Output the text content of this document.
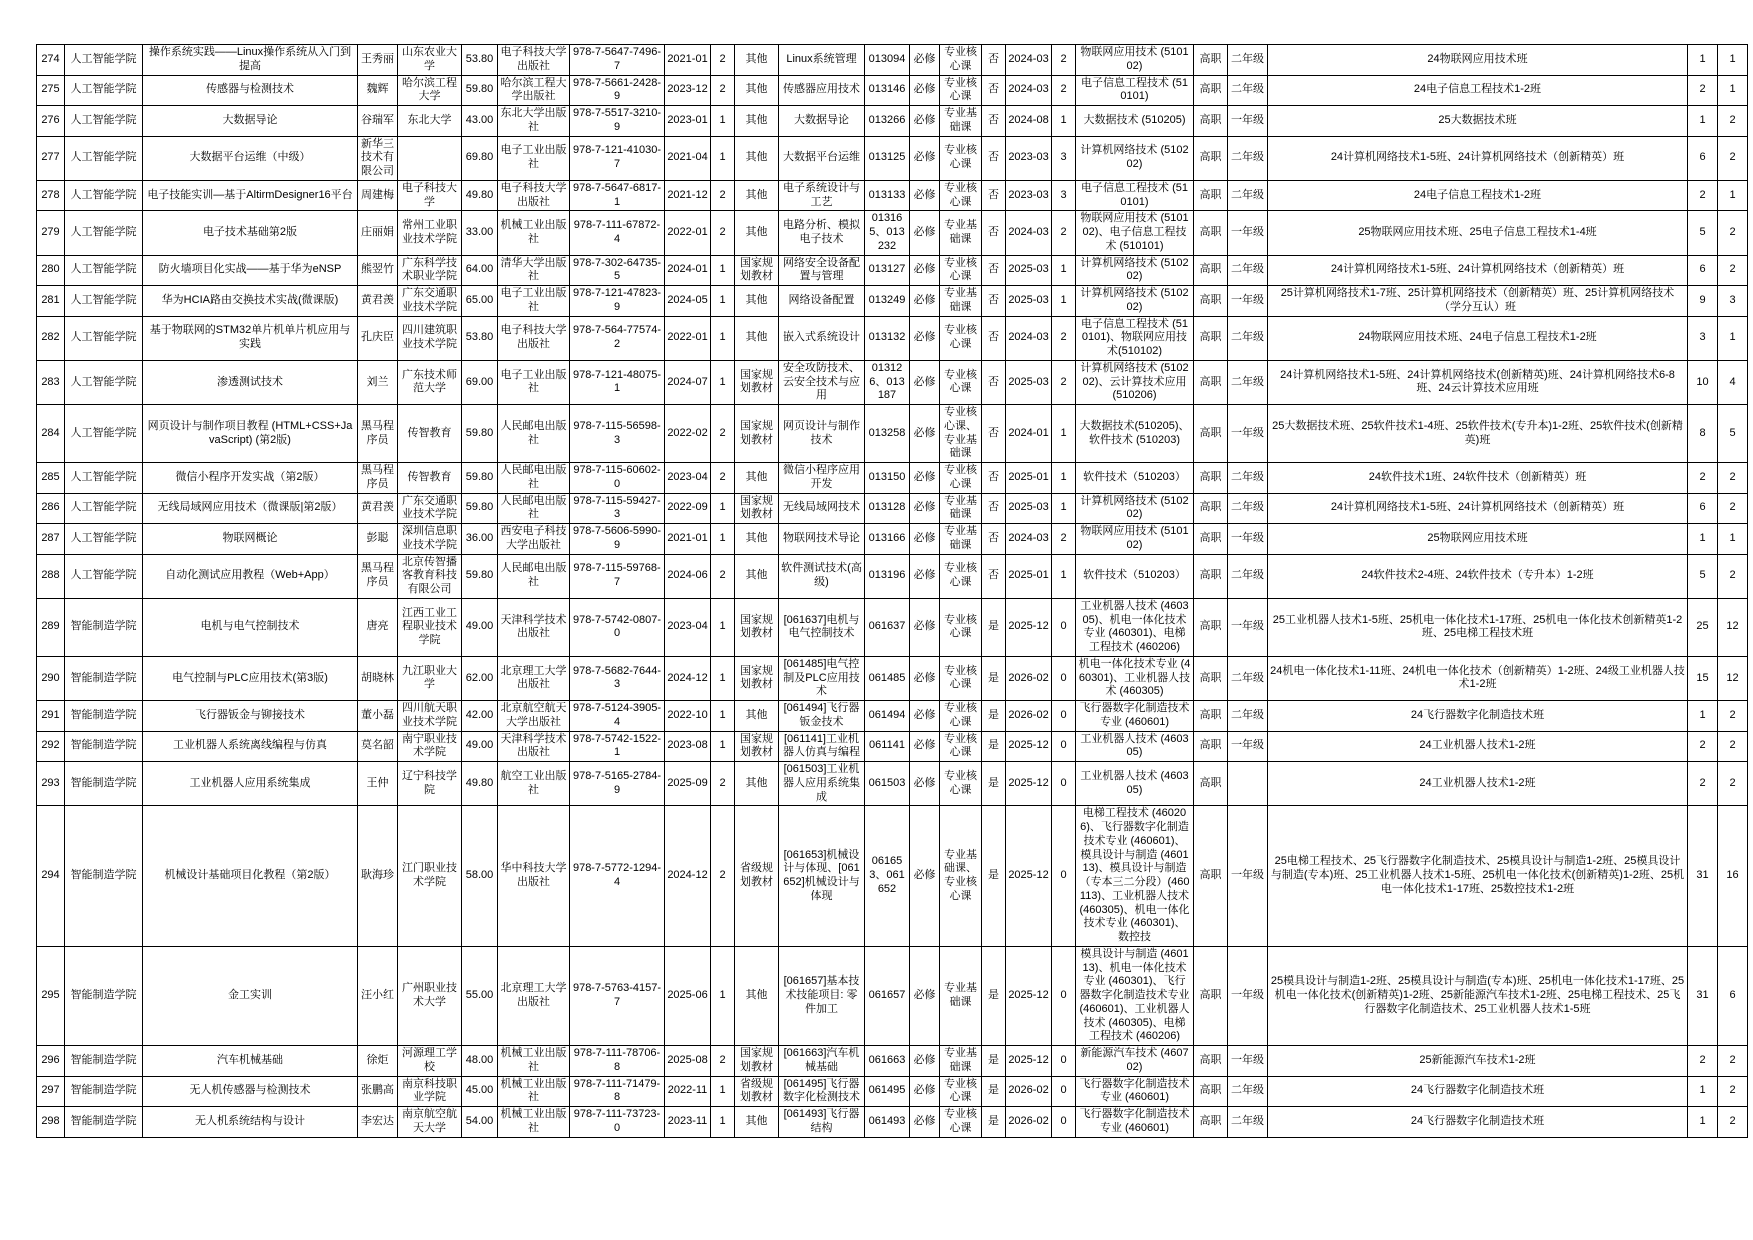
274	人工智能学院	操作系统实践——Linux操作系统从入门到提高	王秀丽	山东农业大学	53.80	电子科技大学出版社	978-7-5647-7496-7	2021-01	2	其他	Linux系统管理	013094	必修	专业核心课	否	2024-03	2	物联网应用技术 (510102)	高职	二年级	24物联网应用技术班	1	1
275	人工智能学院	传感器与检测技术	魏辉	哈尔滨工程大学	59.80	哈尔滨工程大学出版社	978-7-5661-2428-9	2023-12	2	其他	传感器应用技术	013146	必修	专业核心课	否	2024-03	2	电子信息工程技术 (510101)	高职	二年级	24电子信息工程技术1-2班	2	1
276	人工智能学院	大数据导论	谷瑞军	东北大学	43.00	东北大学出版社	978-7-5517-3210-9	2023-01	1	其他	大数据导论	013266	必修	专业基础课	否	2024-08	1	大数据技术 (510205)	高职	一年级	25大数据技术班	1	2
277	人工智能学院	大数据平台运维（中级）	新华三技术有限公司		69.80	电子工业出版社	978-7-121-41030-7	2021-04	1	其他	大数据平台运维	013125	必修	专业核心课	否	2023-03	3	计算机网络技术 (510202)	高职	二年级	24计算机网络技术1-5班、24计算机网络技术（创新精英）班	6	2
278	人工智能学院	电子技能实训—基于AltirmDesigner16平台	周建梅	电子科技大学	49.80	电子科技大学出版社	978-7-5647-6817-1	2021-12	2	其他	电子系统设计与工艺	013133	必修	专业核心课	否	2023-03	3	电子信息工程技术 (510101)	高职	二年级	24电子信息工程技术1-2班	2	1
279	人工智能学院	电子技术基础第2版	庄丽娟	常州工业职业技术学院	33.00	机械工业出版社	978-7-111-67872-4	2022-01	2	其他	电路分析、模拟电子技术	013165、013232	必修	专业基础课	否	2024-03	2	物联网应用技术 (510102)、电子信息工程技术 (510101)	高职	一年级	25物联网应用技术班、25电子信息工程技术1-4班	5	2
280	人工智能学院	防火墙项目化实战——基于华为eNSP	熊翌竹	广东科学技术职业学院	64.00	清华大学出版社	978-7-302-64735-5	2024-01	1	国家规划教材	网络安全设备配置与管理	013127	必修	专业核心课	否	2025-03	1	计算机网络技术 (510202)	高职	二年级	24计算机网络技术1-5班、24计算机网络技术（创新精英）班	6	2
281	人工智能学院	华为HCIA路由交换技术实战(微课版)	黄君羡	广东交通职业技术学院	65.00	电子工业出版社	978-7-121-47823-9	2024-05	1	其他	网络设备配置	013249	必修	专业基础课	否	2025-03	1	计算机网络技术 (510202)	高职	一年级	25计算机网络技术1-7班、25计算机网络技术（创新精英）班、25计算机网络技术（学分互认）班	9	3
282	人工智能学院	基于物联网的STM32单片机单片机应用与实践	孔庆臣	四川建筑职业技术学院	53.80	电子科技大学出版社	978-7-564-77574-2	2022-01	1	其他	嵌入式系统设计	013132	必修	专业核心课	否	2024-03	2	电子信息工程技术 (510101)、物联网应用技术(510102)	高职	二年级	24物联网应用技术班、24电子信息工程技术1-2班	3	1
283	人工智能学院	渗透测试技术	刘兰	广东技术师范大学	69.00	电子工业出版社	978-7-121-48075-1	2024-07	1	国家规划教材	安全攻防技术、云安全技术与应用	013126、013187	必修	专业核心课	否	2025-03	2	计算机网络技术 (510202)、云计算技术应用 (510206)	高职	二年级	24计算机网络技术1-5班、24计算机网络技术(创新精英)班、24计算机网络技术6-8班、24云计算技术应用班	10	4
284	人工智能学院	网页设计与制作项目教程 (HTML+CSS+JavaScript) (第2版)	黑马程序员	传智教育	59.80	人民邮电出版社	978-7-115-56598-3	2022-02	2	国家规划教材	网页设计与制作技术	013258	必修	专业核心课、专业基础课	否	2024-01	1	大数据技术(510205)、软件技术 (510203)	高职	一年级	25大数据技术班、25软件技术1-4班、25软件技术(专升本)1-2班、25软件技术(创新精英)班	8	5
285	人工智能学院	微信小程序开发实战（第2版）	黑马程序员	传智教育	59.80	人民邮电出版社	978-7-115-60602-0	2023-04	2	其他	微信小程序应用开发	013150	必修	专业核心课	否	2025-01	1	软件技术（510203）	高职	二年级	24软件技术1班、24软件技术（创新精英）班	2	2
286	人工智能学院	无线局域网应用技术（微课版|第2版）	黄君羡	广东交通职业技术学院	59.80	人民邮电出版社	978-7-115-59427-3	2022-09	1	国家规划教材	无线局域网技术	013128	必修	专业基础课	否	2025-03	1	计算机网络技术 (510202)	高职	二年级	24计算机网络技术1-5班、24计算机网络技术（创新精英）班	6	2
287	人工智能学院	物联网概论	彭聪	深圳信息职业技术学院	36.00	西安电子科技大学出版社	978-7-5606-5990-9	2021-01	1	其他	物联网技术导论	013166	必修	专业基础课	否	2024-03	2	物联网应用技术 (510102)	高职	一年级	25物联网应用技术班	1	1
288	人工智能学院	自动化测试应用教程（Web+App）	黑马程序员	北京传智播客教育科技有限公司	59.80	人民邮电出版社	978-7-115-59768-7	2024-06	2	其他	软件测试技术(高级)	013196	必修	专业核心课	否	2025-01	1	软件技术（510203）	高职	二年级	24软件技术2-4班、24软件技术（专升本）1-2班	5	2
289	智能制造学院	电机与电气控制技术	唐亮	江西工业工程职业技术学院	49.00	天津科学技术出版社	978-7-5742-0807-0	2023-04	1	国家规划教材	[061637]电机与电气控制技术	061637	必修	专业核心课	是	2025-12	0	工业机器人技术 (460305)、机电一体化技术专业 (460301)、电梯工程技术 (460206)	高职	一年级	25工业机器人技术1-5班、25机电一体化技术1-17班、25机电一体化技术创新精英1-2班、25电梯工程技术班	25	12
290	智能制造学院	电气控制与PLC应用技术(第3版)	胡晓林	九江职业大学	62.00	北京理工大学出版社	978-7-5682-7644-3	2024-12	1	国家规划教材	[061485]电气控制及PLC应用技术	061485	必修	专业核心课	是	2026-02	0	机电一体化技术专业 (460301)、工业机器人技术 (460305)	高职	二年级	24机电一体化技术1-11班、24机电一体化技术（创新精英）1-2班、24级工业机器人技术1-2班	15	12
291	智能制造学院	飞行器钣金与铆接技术	董小磊	四川航天职业技术学院	42.00	北京航空航天大学出版社	978-7-5124-3905-4	2022-10	1	其他	[061494]飞行器钣金技术	061494	必修	专业核心课	是	2026-02	0	飞行器数字化制造技术专业 (460601)	高职	二年级	24飞行器数字化制造技术班	1	2
292	智能制造学院	工业机器人系统离线编程与仿真	莫名韶	南宁职业技术学院	49.00	天津科学技术出版社	978-7-5742-1522-1	2023-08	1	国家规划教材	[061141]工业机器人仿真与编程	061141	必修	专业核心课	是	2025-12	0	工业机器人技术 (460305)	高职	一年级	24工业机器人技术1-2班	2	2
293	智能制造学院	工业机器人应用系统集成	王仲	辽宁科技学院	49.80	航空工业出版社	978-7-5165-2784-9	2025-09	2	其他	[061503]工业机器人应用系统集成	061503	必修	专业核心课	是	2025-12	0	工业机器人技术 (460305)	高职		24工业机器人技术1-2班	2	2
294	智能制造学院	机械设计基础项目化教程（第2版）	耿海珍	江门职业技术学院	58.00	华中科技大学出版社	978-7-5772-1294-4	2024-12	2	省级规划教材	[061653]机械设计与体现、[061652]机械设计与体现	061653、061652	必修	专业基础课、专业核心课	是	2025-12	0	电梯工程技术 (460206)、飞行器数字化制造技术专业 (460601)、模具设计与制造 (460113)、模具设计与制造（专本三二分段）(460113)、工业机器人技术 (460305)、机电一体化技术专业 (460301)、数控技	高职	一年级	25电梯工程技术、25飞行器数字化制造技术、25模具设计与制造1-2班、25模具设计与制造(专本)班、25工业机器人技术1-5班、25机电一体化技术(创新精英)1-2班、25机电一体化技术1-17班、25数控技术1-2班	31	16
295	智能制造学院	金工实训	汪小红	广州职业技术大学	55.00	北京理工大学出版社	978-7-5763-4157-7	2025-06	1	其他	[061657]基本技术技能项目: 零件加工	061657	必修	专业基础课	是	2025-12	0	模具设计与制造 (460113)、机电一体化技术专业 (460301)、飞行器数字化制造技术专业 (460601)、工业机器人技术 (460305)、电梯工程技术 (460206)	高职	一年级	25模具设计与制造1-2班、25模具设计与制造(专本)班、25机电一体化技术1-17班、25机电一体化技术(创新精英)1-2班、25新能源汽车技术1-2班、25电梯工程技术、25飞行器数字化制造技术、25工业机器人技术1-5班	31	6
296	智能制造学院	汽车机械基础	徐炬	河源理工学校	48.00	机械工业出版社	978-7-111-78706-8	2025-08	2	国家规划教材	[061663]汽车机械基础	061663	必修	专业基础课	是	2025-12	0	新能源汽车技术 (460702)	高职	一年级	25新能源汽车技术1-2班	2	2
297	智能制造学院	无人机传感器与检测技术	张鹏高	南京科技职业学院	45.00	机械工业出版社	978-7-111-71479-8	2022-11	1	省级规划教材	[061495]飞行器数字化检测技术	061495	必修	专业核心课	是	2026-02	0	飞行器数字化制造技术专业 (460601)	高职	二年级	24飞行器数字化制造技术班	1	2
298	智能制造学院	无人机系统结构与设计	李宏达	南京航空航天大学	54.00	机械工业出版社	978-7-111-73723-0	2023-11	1	其他	[061493]飞行器结构	061493	必修	专业核心课	是	2026-02	0	飞行器数字化制造技术专业 (460601)	高职	二年级	24飞行器数字化制造技术班	1	2
